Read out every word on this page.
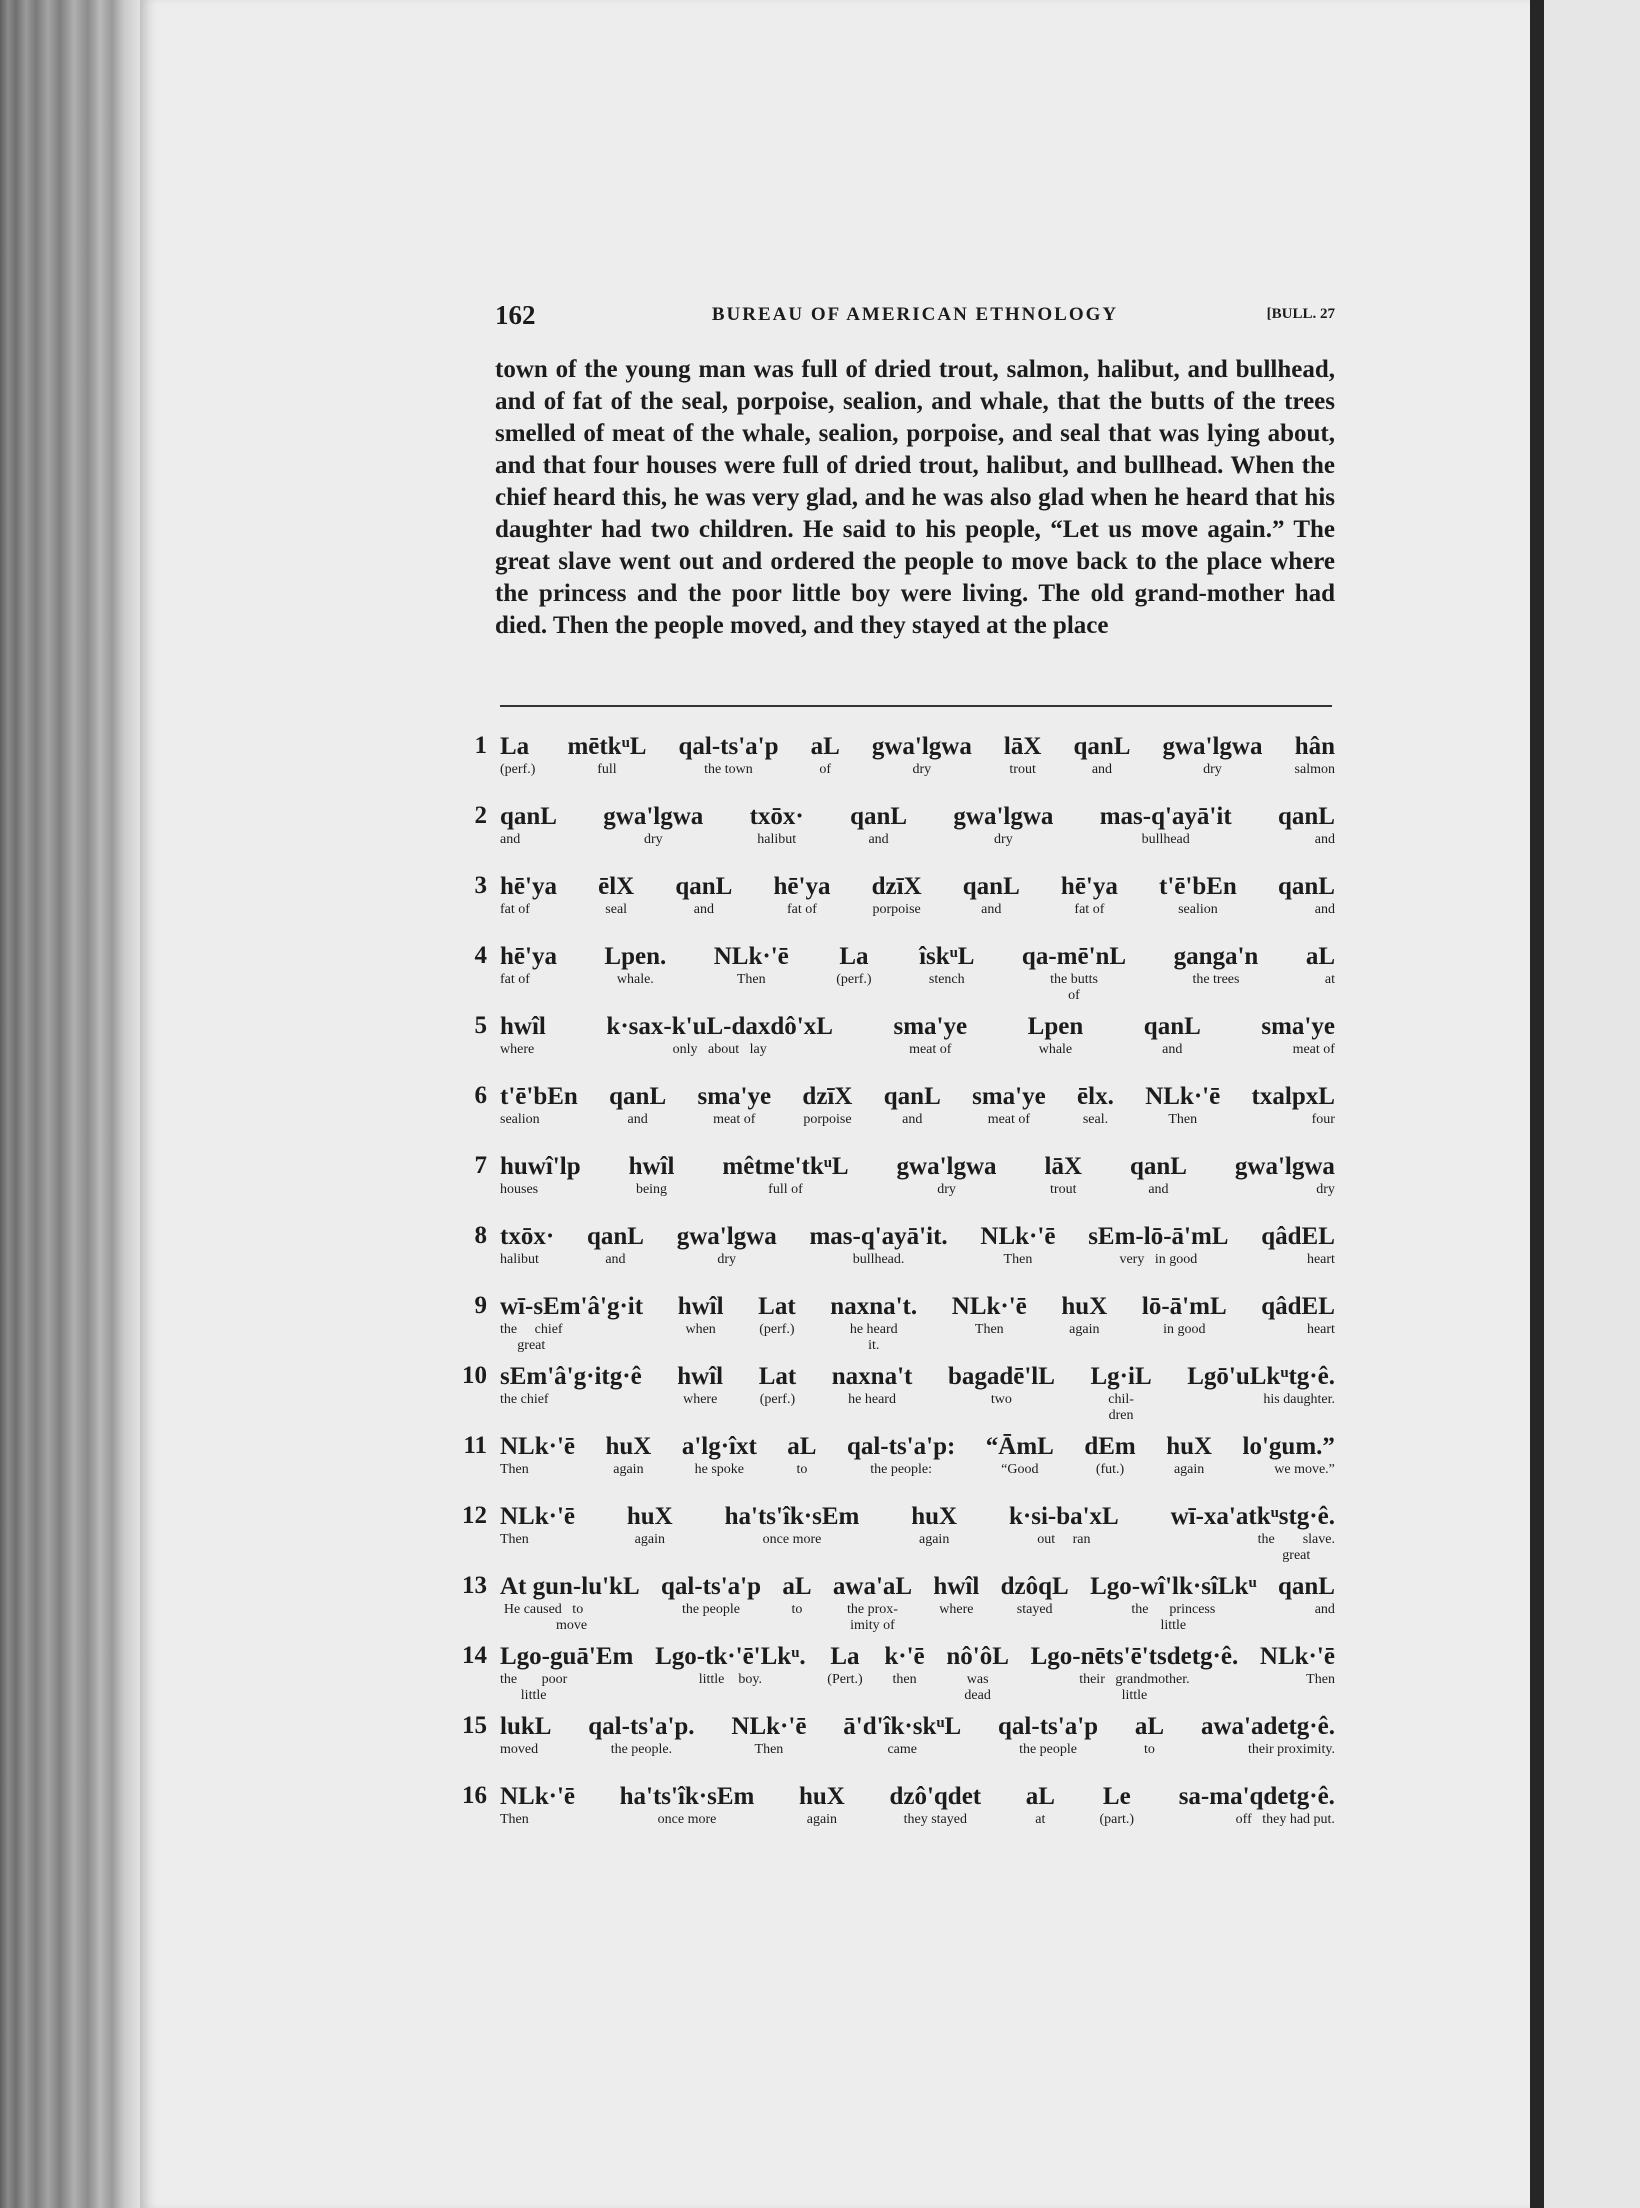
162	BUREAU OF AMERICAN ETHNOLOGY	[BULL. 27
town of the young man was full of dried trout, salmon, halibut, and bullhead, and of fat of the seal, porpoise, sealion, and whale, that the butts of the trees smelled of meat of the whale, sealion, porpoise, and seal that was lying about, and that four houses were full of dried trout, halibut, and bullhead. When the chief heard this, he was very glad, and he was also glad when he heard that his daughter had two children. He said to his people, “Let us move again.” The great slave went out and ordered the people to move back to the place where the princess and the poor little boy were living. The old grand-mother had died. Then the people moved, and they stayed at the place
1 La
(perf.)
mētkᵘL
full
qal-ts'a'p
the town
aL
of
gwa'lgwa
dry
lāX
trout
qanL
and
gwa'lgwa
dry
hân
salmon
2 qanL
and
gwa'lgwa
dry
txōx·
halibut
qanL
and
gwa'lgwa
dry
mas-q'ayā'it
bullhead
qanL
and
3 hē'ya
fat of
ēlX
seal
qanL
and
hē'ya
fat of
dzīX
porpoise
qanL
and
hē'ya
fat of
t'ē'bEn
sealion
qanL
and
4 hē'ya
fat of
Lpen.
whale.
NLk·'ē
Then
La
(perf.)
îskᵘL
stench
qa-mē'nL
the butts
of
ganga'n
the trees
aL
at
5 hwîl
where
k·sax-k'uL-daxdô'xL
only   about   lay
sma'ye
meat of
Lpen
whale
qanL
and
sma'ye
meat of
6 t'ē'bEn
sealion
qanL
and
sma'ye
meat of
dzīX
porpoise
qanL
and
sma'ye
meat of
ēlx.
seal.
NLk·'ē
Then
txalpxL
four
7 huwî'lp
houses
hwîl
being
mêtme'tkᵘL
full of
gwa'lgwa
dry
lāX
trout
qanL
and
gwa'lgwa
dry
8 txōx·
halibut
qanL
and
gwa'lgwa
dry
mas-q'ayā'it.
bullhead.
NLk·'ē
Then
sEm-lō-ā'mL
very   in good
qâdEL
heart
9 wī-sEm'â'g·it
the     chief
great
hwîl
when
Lat
(perf.)
naxna't.
he heard
it.
NLk·'ē
Then
huX
again
lō-ā'mL
in good
qâdEL
heart
10 sEm'â'g·itg·ê
the chief
hwîl
where
Lat
(perf.)
naxna't
he heard
bagadē'lL
two
Lg·iL
chil-
dren
Lgō'uLkᵘtg·ê.
his daughter.
11 NLk·'ē
Then
huX
again
a'lg·îxt
he spoke
aL
to
qal-ts'a'p:
the people:
“ĀmL
“Good
dEm
(fut.)
huX
again
lo'gum.”
we move.”
12 NLk·'ē
Then
huX
again
ha'ts'îk·sEm
once more
huX
again
k·si-ba'xL
out     ran
wī-xa'atkᵘstg·ê.
the        slave.
great
13 At gun-lu'kL
He caused   to
move
qal-ts'a'p
the people
aL
to
awa'aL
the prox-
imity of
hwîl
where
dzôqL
stayed
Lgo-wî'lk·sîLkᵘ
the      princess
little
qanL
and
14 Lgo-guā'Em
the       poor
little
Lgo-tk·'ē'Lkᵘ.
little    boy.
La
(Pert.)
k·'ē
then
nô'ôL
was
dead
Lgo-nēts'ē'tsdetg·ê.
their   grandmother.
little
NLk·'ē
Then
15 lukL
moved
qal-ts'a'p.
the people.
NLk·'ē
Then
ā'd'îk·skᵘL
came
qal-ts'a'p
the people
aL
to
awa'adetg·ê.
their proximity.
16 NLk·'ē
Then
ha'ts'îk·sEm
once more
huX
again
dzô'qdet
they stayed
aL
at
Le
(part.)
sa-ma'qdetg·ê.
off   they had put.
